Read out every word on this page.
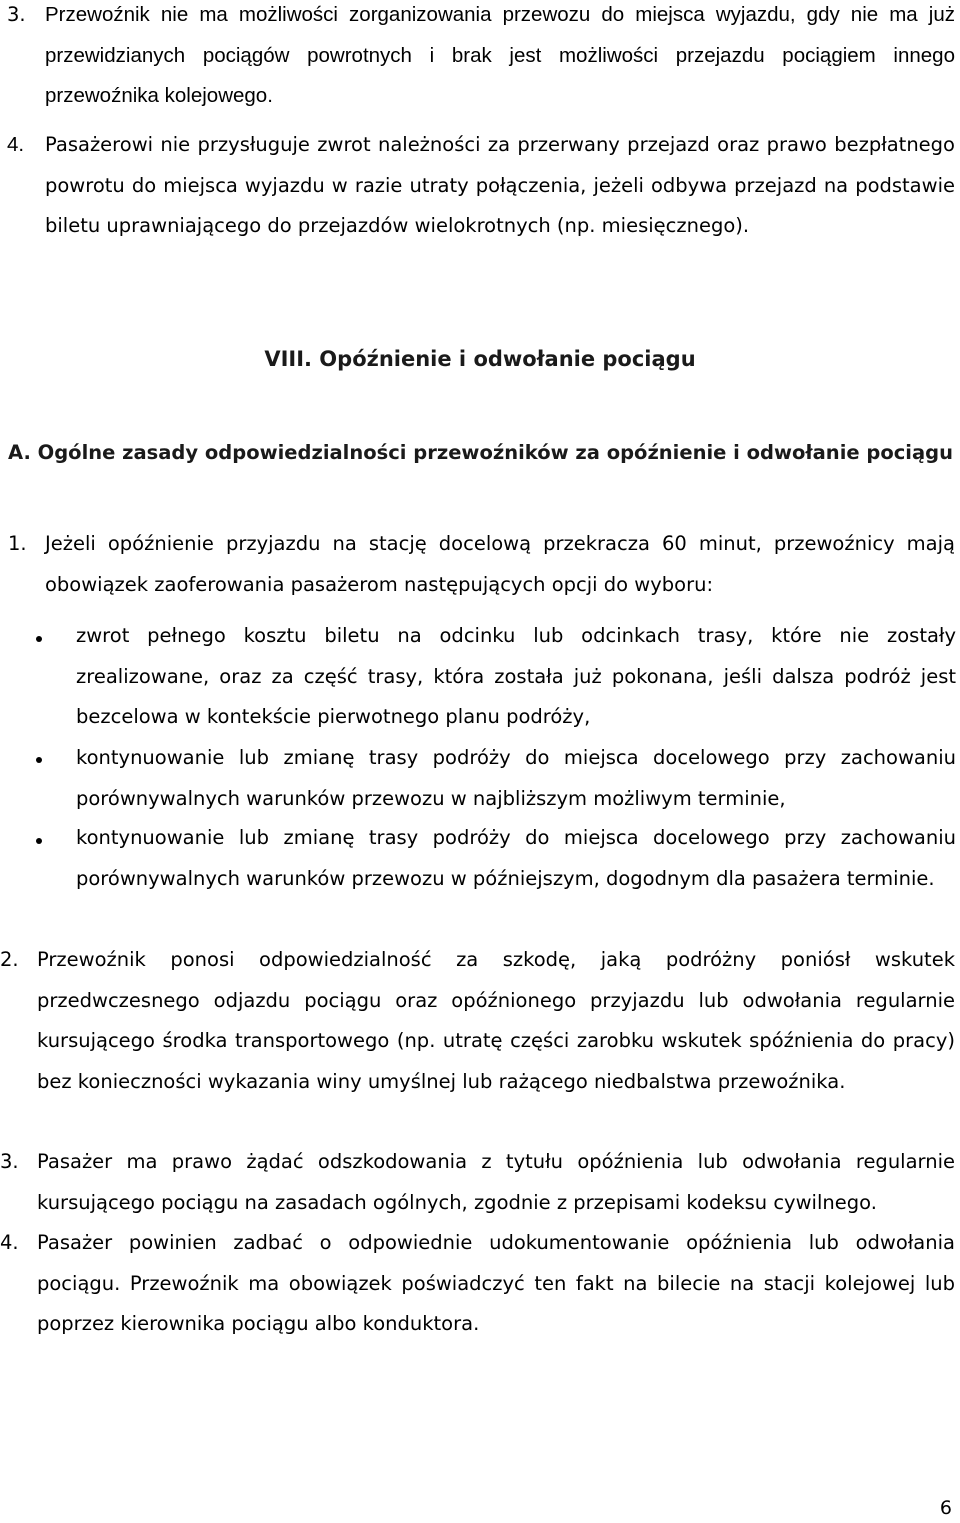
3. Przewoźnik nie ma możliwości zorganizowania przewozu do miejsca wyjazdu, gdy nie ma już przewidzianych pociągów powrotnych i brak jest możliwości przejazdu pociągiem innego przewoźnika kolejowego.

4. Pasażerowi nie przysługuje zwrot należności za przerwany przejazd oraz prawo bezpłatnego powrotu do miejsca wyjazdu w razie utraty połączenia, jeżeli odbywa przejazd na podstawie biletu uprawniającego do przejazdów wielokrotnych (np. miesięcznego).

VIII. Opóźnienie i odwołanie pociągu
A. Ogólne zasady odpowiedzialności przewoźników za opóźnienie i odwołanie pociągu
1. Jeżeli opóźnienie przyjazdu na stację docelową przekracza 60 minut, przewoźnicy mają obowiązek zaoferowania pasażerom następujących opcji do wyboru:

zwrot pełnego kosztu biletu na odcinku lub odcinkach trasy, które nie zostały zrealizowane, oraz za część trasy, która została już pokonana, jeśli dalsza podróż jest bezcelowa w kontekście pierwotnego planu podróży,

kontynuowanie lub zmianę trasy podróży do miejsca docelowego przy zachowaniu porównywalnych warunków przewozu w najbliższym możliwym terminie,

kontynuowanie lub zmianę trasy podróży do miejsca docelowego przy zachowaniu porównywalnych warunków przewozu w późniejszym, dogodnym dla pasażera terminie.

2. Przewoźnik ponosi odpowiedzialność za szkodę, jaką podróżny poniósł wskutek przedwczesnego odjazdu pociągu oraz opóźnionego przyjazdu lub odwołania regularnie kursującego środka transportowego (np. utratę części zarobku wskutek spóźnienia do pracy) bez konieczności wykazania winy umyślnej lub rażącego niedbalstwa przewoźnika.

3. Pasażer ma prawo żądać odszkodowania z tytułu opóźnienia lub odwołania regularnie kursującego pociągu na zasadach ogólnych, zgodnie z przepisami kodeksu cywilnego.

4. Pasażer powinien zadbać o odpowiednie udokumentowanie opóźnienia lub odwołania pociągu. Przewoźnik ma obowiązek poświadczyć ten fakt na bilecie na stacji kolejowej lub poprzez kierownika pociągu albo konduktora.

6
